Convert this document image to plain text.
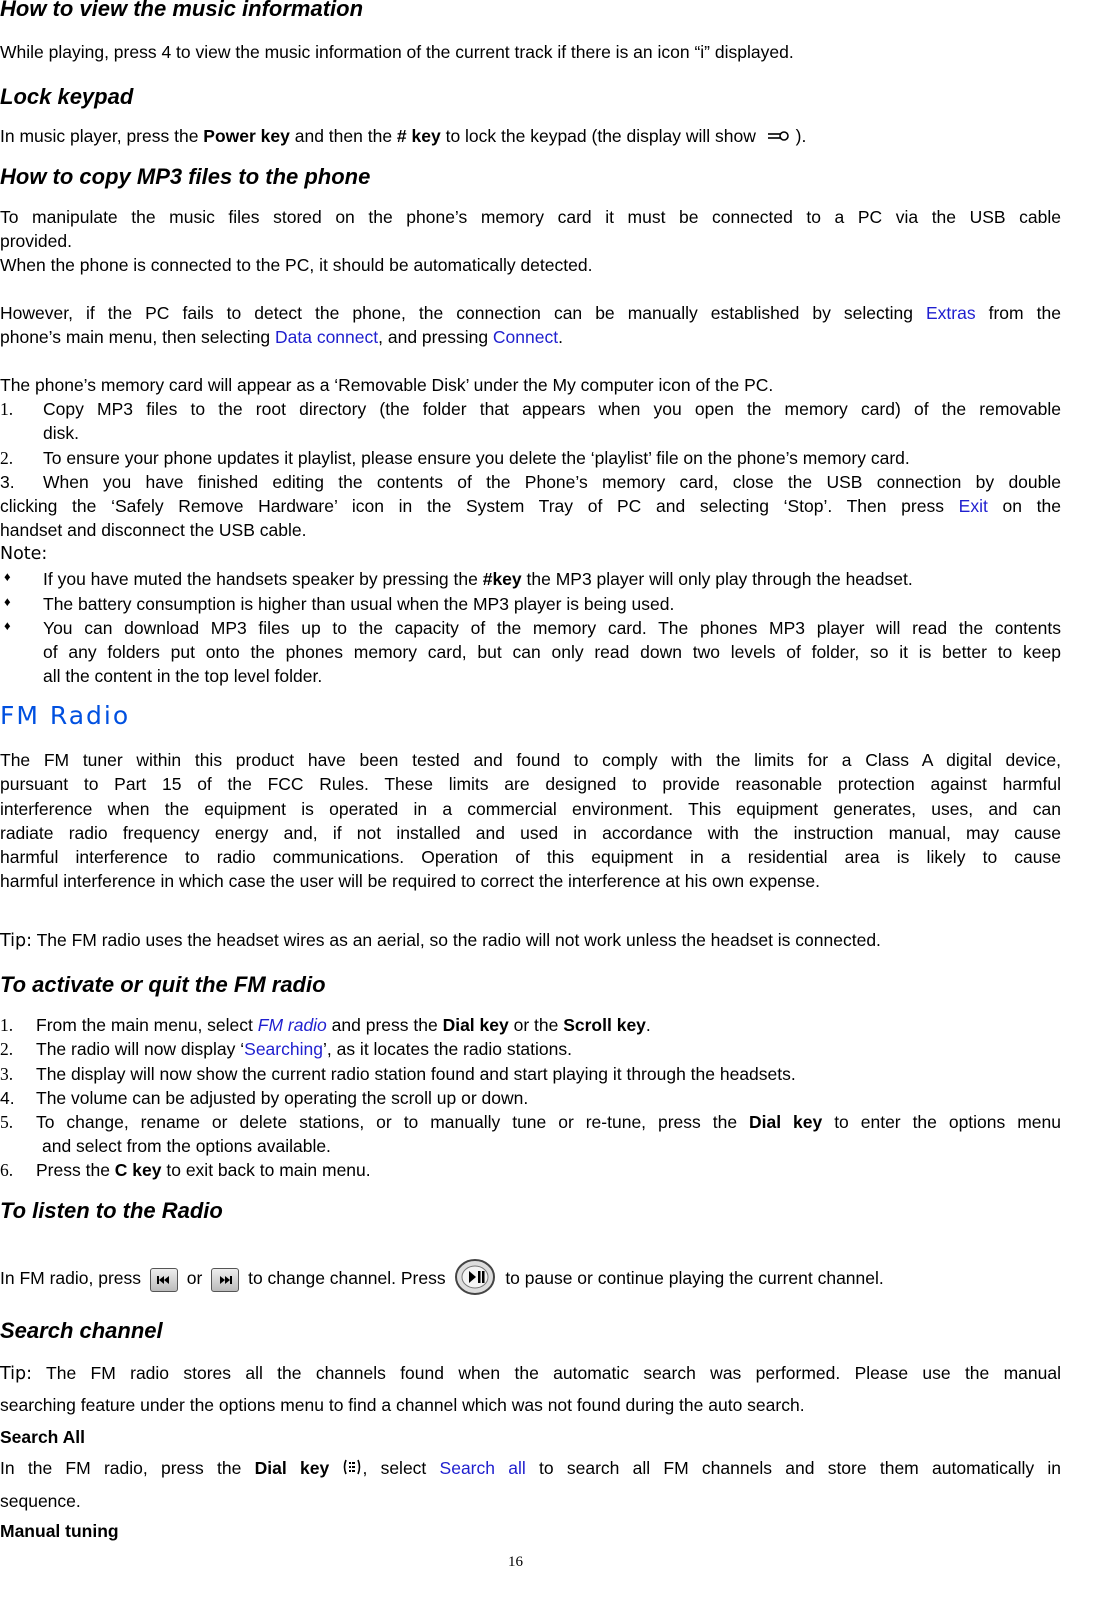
How to view the music information
While playing, press 4 to view the music information of the current track if there is an icon “i” displayed.
Lock keypad
In music player, press the Power key and then the # key to lock the keypad (the display will show  ).
How to copy MP3 files to the phone
To manipulate the music files stored on the phone’s memory card it must be connected to a PC via the USB cable
provided.
When the phone is connected to the PC, it should be automatically detected.
However, if the PC fails to detect the phone, the connection can be manually established by selecting Extras from the
phone’s main menu, then selecting Data connect, and pressing Connect.
The phone’s memory card will appear as a ‘Removable Disk’ under the My computer icon of the PC.
1. Copy MP3 files to the root directory (the folder that appears when you open the memory card) of the removable
disk.
2. To ensure your phone updates it playlist, please ensure you delete the ‘playlist’ file on the phone’s memory card.
3. When you have finished editing the contents of the Phone’s memory card, close the USB connection by double
clicking the ‘Safely Remove Hardware’ icon in the System Tray of PC and selecting ‘Stop’. Then press Exit on the
handset and disconnect the USB cable.
Note:
♦ If you have muted the handsets speaker by pressing the #key the MP3 player will only play through the headset.
♦ The battery consumption is higher than usual when the MP3 player is being used.
♦ You can download MP3 files up to the capacity of the memory card. The phones MP3 player will read the contents
of any folders put onto the phones memory card, but can only read down two levels of folder, so it is better to keep
all the content in the top level folder.
FM Radio
The FM tuner within this product have been tested and found to comply with the limits for a Class A digital device,
pursuant to Part 15 of the FCC Rules. These limits are designed to provide reasonable protection against harmful
interference when the equipment is operated in a commercial environment. This equipment generates, uses, and can
radiate radio frequency energy and, if not installed and used in accordance with the instruction manual, may cause
harmful interference to radio communications. Operation of this equipment in a residential area is likely to cause
harmful interference in which case the user will be required to correct the interference at his own expense.
Tip: The FM radio uses the headset wires as an aerial, so the radio will not work unless the headset is connected.
To activate or quit the FM radio
1. From the main menu, select FM radio and press the Dial key or the Scroll key.
2. The radio will now display ‘Searching’, as it locates the radio stations.
3. The display will now show the current radio station found and start playing it through the headsets.
4. The volume can be adjusted by operating the scroll up or down.
5. To change, rename or delete stations, or to manually tune or re-tune, press the Dial key to enter the options menu
and select from the options available.
6. Press the C key to exit back to main menu.
To listen to the Radio
In FM radio, press  or  to change channel. Press	to pause or continue playing the current channel.
Search channel
Tip: The FM radio stores all the channels found when the automatic search was performed. Please use the manual
searching feature under the options menu to find a channel which was not found during the auto search.
Search All
In the FM radio, press the Dial key , select Search all to search all FM channels and store them automatically in
sequence.
Manual tuning
16
